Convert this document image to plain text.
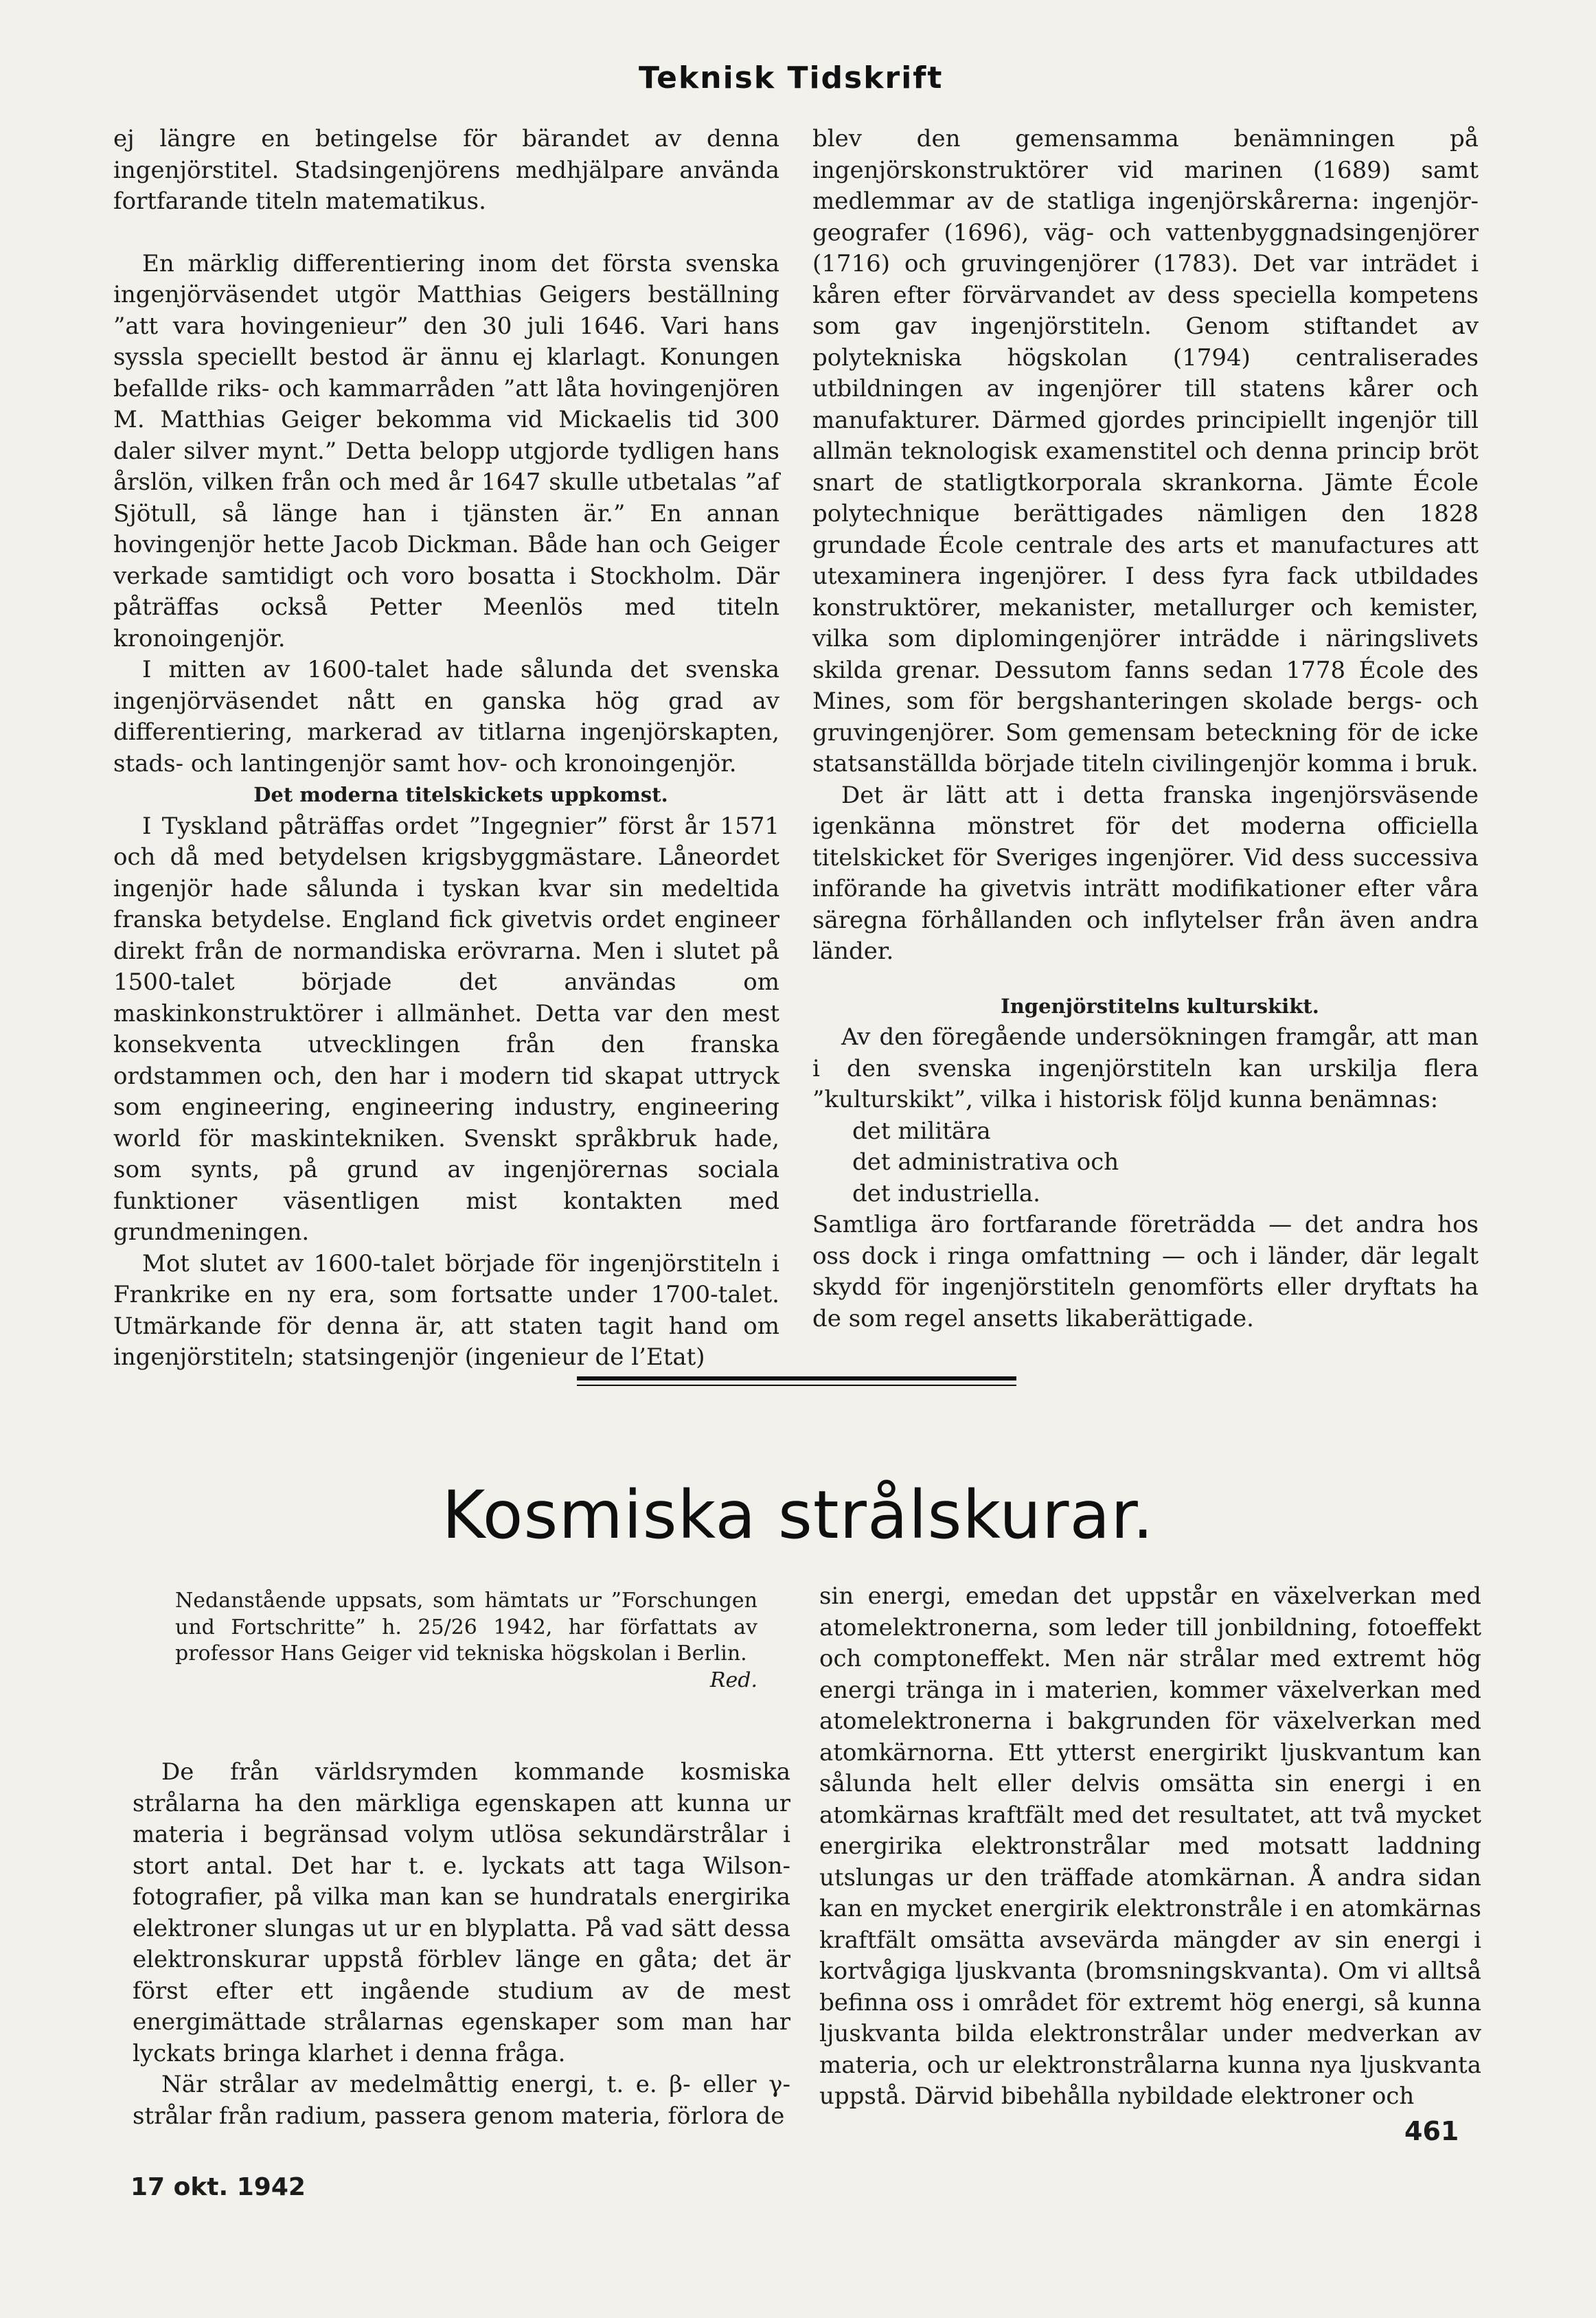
Teknisk Tidskrift

ej längre en betingelse för bärandet av denna ingenjörstitel. Stadsingenjörens medhjälpare använda fortfarande titeln matematikus.

En märklig differentiering inom det första svenska ingenjörväsendet utgör Matthias Geigers beställning ”att vara hovingenieur” den 30 juli 1646. Vari hans syssla speciellt bestod är ännu ej klarlagt. Konungen befallde riks- och kammarråden ”att låta hovingenjören M. Matthias Geiger bekomma vid Mickaelis tid 300 daler silver mynt.” Detta belopp utgjorde tydligen hans årslön, vilken från och med år 1647 skulle utbetalas ”af Sjötull, så länge han i tjänsten är.” En annan hovingenjör hette Jacob Dickman. Både han och Geiger verkade samtidigt och voro bosatta i Stockholm. Där påträffas också Petter Meenlös med titeln kronoingenjör.

I mitten av 1600-talet hade sålunda det svenska ingenjörväsendet nått en ganska hög grad av differentiering, markerad av titlarna ingenjörskapten, stads- och lantingenjör samt hov- och kronoingenjör.

Det moderna titelskickets uppkomst.

I Tyskland påträffas ordet ”Ingegnier” först år 1571 och då med betydelsen krigsbyggmästare. Låneordet ingenjör hade sålunda i tyskan kvar sin medeltida franska betydelse. England fick givetvis ordet engineer direkt från de normandiska erövrarna. Men i slutet på 1500-talet började det användas om maskinkonstruktörer i allmänhet. Detta var den mest konsekventa utvecklingen från den franska ordstammen och, den har i modern tid skapat uttryck som engineering, engineering industry, engineering world för maskintekniken. Svenskt språkbruk hade, som synts, på grund av ingenjörernas sociala funktioner väsentligen mist kontakten med grundmeningen.

Mot slutet av 1600-talet började för ingenjörstiteln i Frankrike en ny era, som fortsatte under 1700-talet. Utmärkande för denna är, att staten tagit hand om ingenjörstiteln; statsingenjör (ingenieur de l’Etat)

blev den gemensamma benämningen på ingenjörskonstruktörer vid marinen (1689) samt medlemmar av de statliga ingenjörskårerna: ingenjör-geografer (1696), väg- och vattenbyggnadsingenjörer (1716) och gruvingenjörer (1783). Det var inträdet i kåren efter förvärvandet av dess speciella kompetens som gav ingenjörstiteln. Genom stiftandet av polytekniska högskolan (1794) centraliserades utbildningen av ingenjörer till statens kårer och manufakturer. Därmed gjordes principiellt ingenjör till allmän teknologisk examenstitel och denna princip bröt snart de statligtkorporala skrankorna. Jämte École polytechnique berättigades nämligen den 1828 grundade École centrale des arts et manufactures att utexaminera ingenjörer. I dess fyra fack utbildades konstruktörer, mekanister, metallurger och kemister, vilka som diplomingenjörer inträdde i näringslivets skilda grenar. Dessutom fanns sedan 1778 École des Mines, som för bergshanteringen skolade bergs- och gruvingenjörer. Som gemensam beteckning för de icke statsanställda började titeln civilingenjör komma i bruk.

Det är lätt att i detta franska ingenjörsväsende igenkänna mönstret för det moderna officiella titelskicket för Sveriges ingenjörer. Vid dess successiva införande ha givetvis inträtt modifikationer efter våra säregna förhållanden och inflytelser från även andra länder.

Ingenjörstitelns kulturskikt.

Av den föregående undersökningen framgår, att man i den svenska ingenjörstiteln kan urskilja flera ”kulturskikt”, vilka i historisk följd kunna benämnas:

det militära

det administrativa och

det industriella.

Samtliga äro fortfarande företrädda — det andra hos oss dock i ringa omfattning — och i länder, där legalt skydd för ingenjörstiteln genomförts eller dryftats ha de som regel ansetts likaberättigade.

Kosmiska strålskurar.
Nedanstående uppsats, som hämtats ur ”Forschungen und Fortschritte” h. 25/26 1942, har författats av professor Hans Geiger vid tekniska högskolan i Berlin.
Red.

De från världsrymden kommande kosmiska strålarna ha den märkliga egenskapen att kunna ur materia i begränsad volym utlösa sekundärstrålar i stort antal. Det har t. e. lyckats att taga Wilson-fotografier, på vilka man kan se hundratals energirika elektroner slungas ut ur en blyplatta. På vad sätt dessa elektronskurar uppstå förblev länge en gåta; det är först efter ett ingående studium av de mest energimättade strålarnas egenskaper som man har lyckats bringa klarhet i denna fråga.

När strålar av medelmåttig energi, t. e. β- eller γ-strålar från radium, passera genom materia, förlora de

sin energi, emedan det uppstår en växelverkan med atomelektronerna, som leder till jonbildning, fotoeffekt och comptoneffekt. Men när strålar med extremt hög energi tränga in i materien, kommer växelverkan med atomelektronerna i bakgrunden för växelverkan med atomkärnorna. Ett ytterst energirikt ljuskvantum kan sålunda helt eller delvis omsätta sin energi i en atomkärnas kraftfält med det resultatet, att två mycket energirika elektronstrålar med motsatt laddning utslungas ur den träffade atomkärnan. Å andra sidan kan en mycket energirik elektronstråle i en atomkärnas kraftfält omsätta avsevärda mängder av sin energi i kortvågiga ljuskvanta (bromsningskvanta). Om vi alltså befinna oss i området för extremt hög energi, så kunna ljuskvanta bilda elektronstrålar under medverkan av materia, och ur elektronstrålarna kunna nya ljuskvanta uppstå. Därvid bibehålla nybildade elektroner och

17 okt. 1942
461
